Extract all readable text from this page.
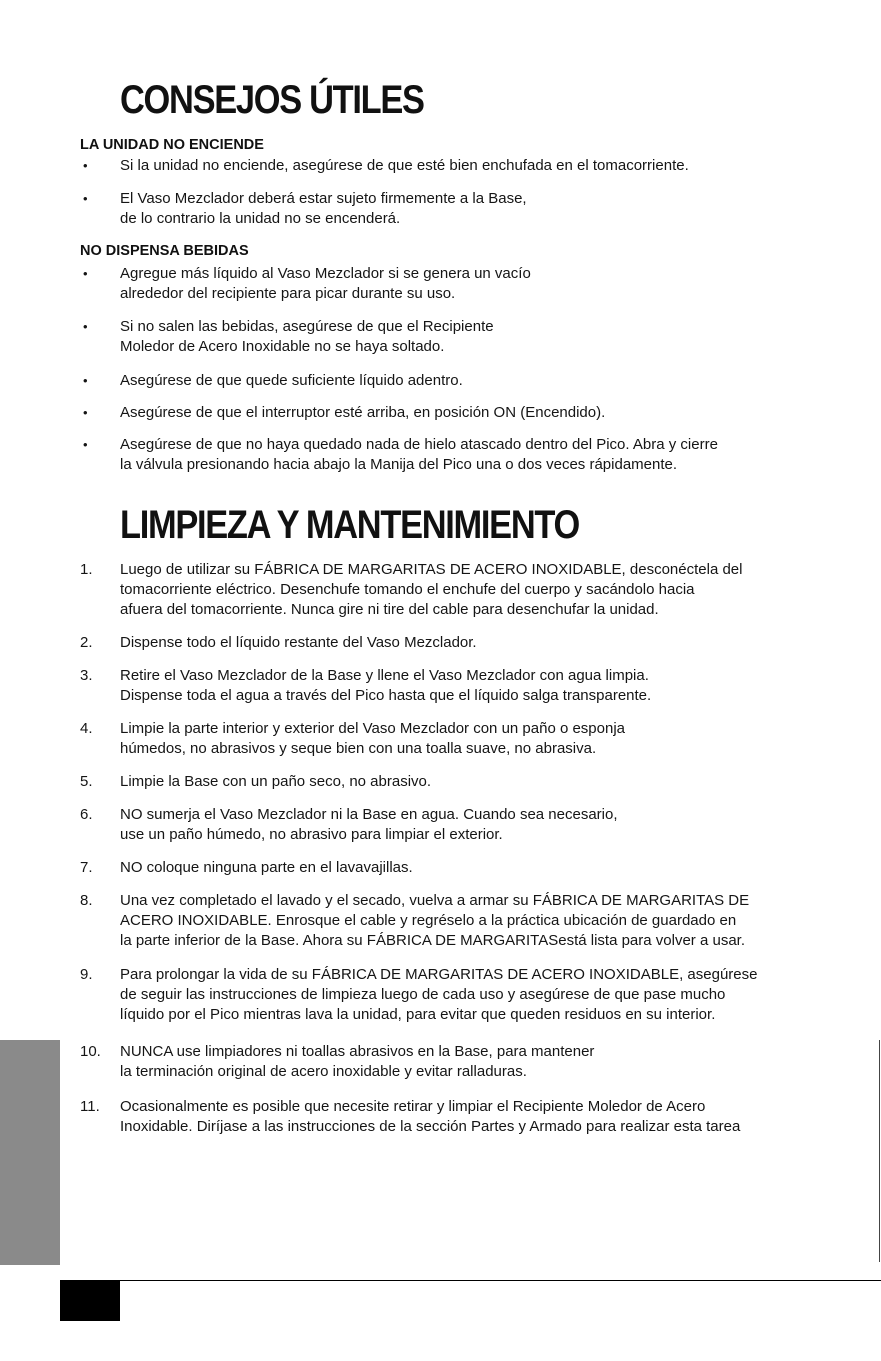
CONSEJOS ÚTILES
LA UNIDAD NO ENCIENDE
•	Si la unidad no enciende, asegúrese de que esté bien enchufada en el tomacorriente.
•	El Vaso Mezclador deberá estar sujeto firmemente a la Base,
de lo contrario la unidad no se encenderá.
NO DISPENSA BEBIDAS
•	Agregue más líquido al Vaso Mezclador si se genera un vacío
alrededor del recipiente para picar durante su uso.
•	Si no salen las bebidas, asegúrese de que el Recipiente
Moledor de Acero Inoxidable no se haya soltado.
•	Asegúrese de que quede suficiente líquido adentro.
•	Asegúrese de que el interruptor esté arriba, en posición ON (Encendido).
•	Asegúrese de que no haya quedado nada de hielo atascado dentro del Pico. Abra y cierre
la válvula presionando hacia abajo la Manija del Pico una o dos veces rápidamente.
LIMPIEZA Y MANTENIMIENTO
1.	Luego de utilizar su FÁBRICA DE MARGARITAS DE ACERO INOXIDABLE, desconéctela del
tomacorriente eléctrico. Desenchufe tomando el enchufe del cuerpo y sacándolo hacia
afuera del tomacorriente. Nunca gire ni tire del cable para desenchufar la unidad.
2.	Dispense todo el líquido restante del Vaso Mezclador.
3.	Retire el Vaso Mezclador de la Base y llene el Vaso Mezclador con agua limpia.
Dispense toda el agua a través del Pico hasta que el líquido salga transparente.
4.	Limpie la parte interior y exterior del Vaso Mezclador con un paño o esponja
húmedos, no abrasivos y seque bien con una toalla suave, no abrasiva.
5.	Limpie la Base con un paño seco, no abrasivo.
6.	NO sumerja el Vaso Mezclador ni la Base en agua. Cuando sea necesario,
use un paño húmedo, no abrasivo para limpiar el exterior.
7.	NO coloque ninguna parte en el lavavajillas.
8.	Una vez completado el lavado y el secado, vuelva a armar su FÁBRICA DE MARGARITAS DE
ACERO INOXIDABLE. Enrosque el cable y regréselo a la práctica ubicación de guardado en
la parte inferior de la Base. Ahora su FÁBRICA DE MARGARITASestá lista para volver a usar.
9.	Para prolongar la vida de su FÁBRICA DE MARGARITAS DE ACERO INOXIDABLE, asegúrese
de seguir las instrucciones de limpieza luego de cada uso y asegúrese de que pase mucho
líquido por el Pico mientras lava la unidad, para evitar que queden residuos en su interior.
10.	NUNCA use limpiadores ni toallas abrasivos en la Base, para mantener
la terminación original de acero inoxidable y evitar ralladuras.
11.	Ocasionalmente es posible que necesite retirar y limpiar el Recipiente Moledor de Acero
Inoxidable. Diríjase a las instrucciones de la sección Partes y Armado para realizar esta tarea
